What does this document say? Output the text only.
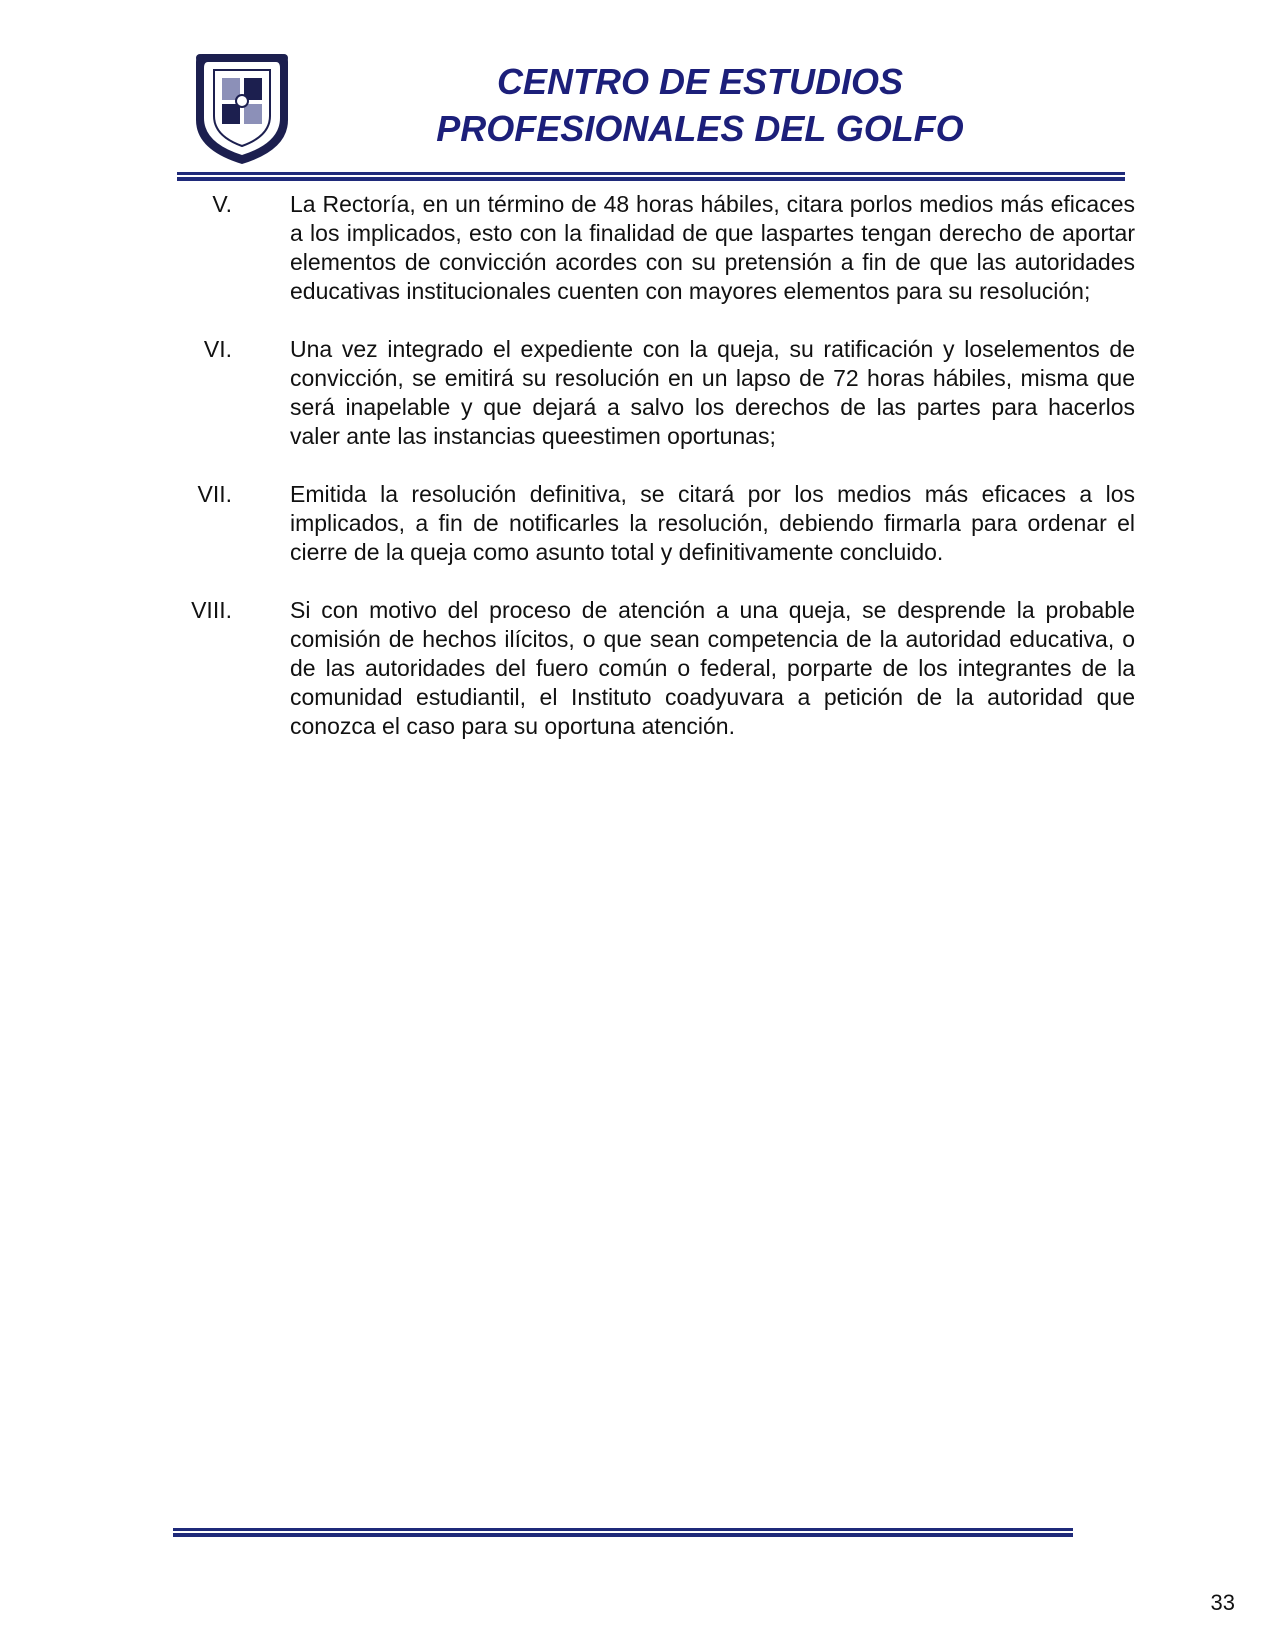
CENTRO DE ESTUDIOS
PROFESIONALES DEL GOLFO
V.	La Rectoría, en un término de 48 horas hábiles, citara porlos medios más eficaces a los implicados, esto con la finalidad de que laspartes tengan derecho de aportar elementos de convicción acordes con su pretensión a fin de que las autoridades educativas institucionales cuenten con mayores elementos para su resolución;
VI.	Una vez integrado el expediente con la queja, su ratificación y loselementos de convicción, se emitirá su resolución en un lapso de 72 horas hábiles, misma que será inapelable y que dejará a salvo los derechos de las partes para hacerlos valer ante las instancias queestimen oportunas;
VII.	Emitida la resolución definitiva, se citará por los medios más eficaces a los implicados, a fin de notificarles la resolución, debiendo firmarla para ordenar el cierre de la queja como asunto total y definitivamente concluido.
VIII.	Si con motivo del proceso de atención a una queja, se desprende la probable comisión de hechos ilícitos, o que sean competencia de la autoridad educativa, o de las autoridades del fuero común o federal, porparte de los integrantes de la comunidad estudiantil, el Instituto coadyuvara a petición de la autoridad que conozca el caso para su oportuna atención.
33
